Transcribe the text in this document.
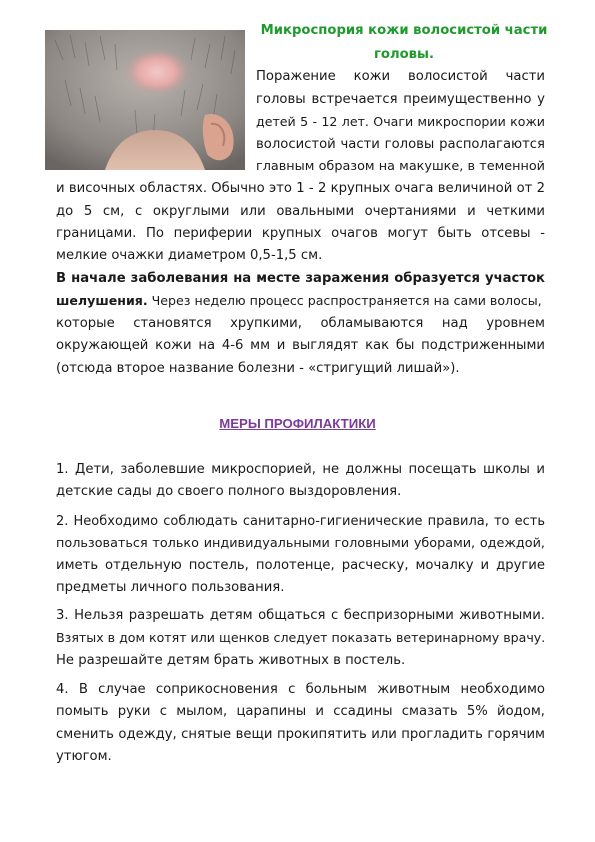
Микроспория кожи волосистой части
головы.
Поражение кожи волосистой части
головы встречается преимущественно у
детей 5 - 12 лет. Очаги микроспории кожи
волосистой части головы располагаются
главным образом на макушке, в теменной
и височных областях. Обычно это 1 - 2 крупных очага величиной от 2
до 5 см, с округлыми или овальными очертаниями и четкими
границами. По периферии крупных очагов могут быть отсевы -
мелкие очажки диаметром 0,5-1,5 см.
В начале заболевания на месте заражения образуется участок
шелушения. Через неделю процесс распространяется на сами волосы,
которые становятся хрупкими, обламываются над уровнем
окружающей кожи на 4-6 мм и выглядят как бы подстриженными
(отсюда второе название болезни - «стригущий лишай»).
МЕРЫ ПРОФИЛАКТИКИ
1. Дети, заболевшие микроспорией, не должны посещать школы и
детские сады до своего полного выздоровления.
2. Необходимо соблюдать санитарно-гигиенические правила, то есть
пользоваться только индивидуальными головными уборами, одеждой,
иметь отдельную постель, полотенце, расческу, мочалку и другие
предметы личного пользования.
3. Нельзя разрешать детям общаться с беспризорными животными.
Взятых в дом котят или щенков следует показать ветеринарному врачу.
Не разрешайте детям брать животных в постель.
4. В случае соприкосновения с больным животным необходимо
помыть руки с мылом, царапины и ссадины смазать 5% йодом,
сменить одежду, снятые вещи прокипятить или прогладить горячим
утюгом.
